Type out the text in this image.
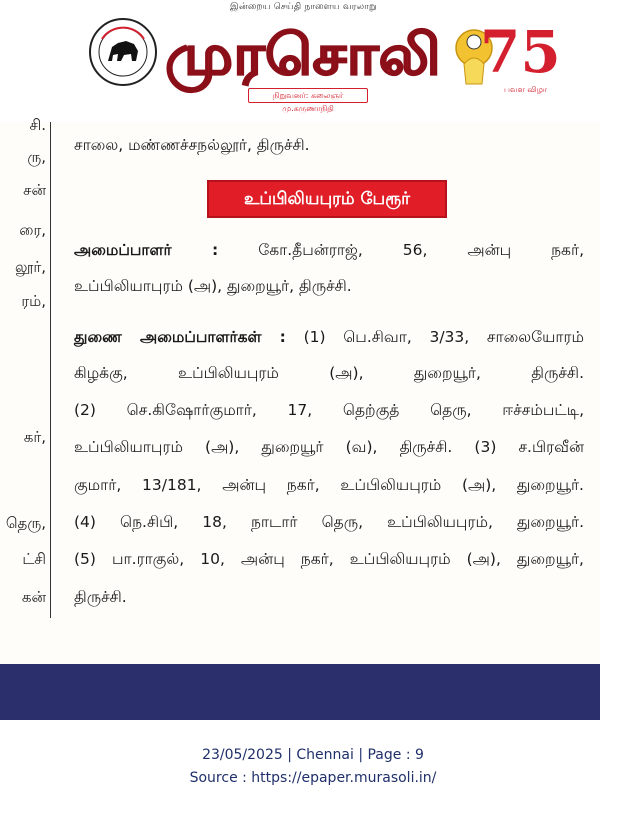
இன்றைய செய்தி நாளைய வரலாறு
முரசொலி
நிறுவனர்: கலைஞர் மு.கருணாநிதி
75
பவள விழா
சி.
ரு,
சன்
ரை,
லூர்,
ரம்,
கர்,
தெரு,
ட்சி
கன்
சாலை, மண்ணச்சநல்லூர், திருச்சி.
உப்பிலியபுரம் பேரூர்
அமைப்பாளர் :	கோ.தீபன்ராஜ், 56, அன்பு நகர்,
உப்பிலியாபுரம் (அ), துறையூர், திருச்சி.
துணை அமைப்பாளர்கள் : (1) பெ.சிவா, 3/33, சாலையோரம்
கிழக்கு, உப்பிலியபுரம் (அ), துறையூர், திருச்சி.
(2) செ.கிஷோர்குமார், 17, தெற்குத் தெரு, ஈச்சம்பட்டி,
உப்பிலியாபுரம் (அ), துறையூர் (வ), திருச்சி. (3) ச.பிரவீன்
குமார், 13/181, அன்பு நகர், உப்பிலியபுரம் (அ), துறையூர்.
(4) நெ.சிபி, 18, நாடார் தெரு, உப்பிலியபுரம், துறையூர்.
(5) பா.ராகுல், 10, அன்பு நகர், உப்பிலியபுரம் (அ), துறையூர்,
திருச்சி.
23/05/2025 | Chennai | Page : 9
Source : https://epaper.murasoli.in/
